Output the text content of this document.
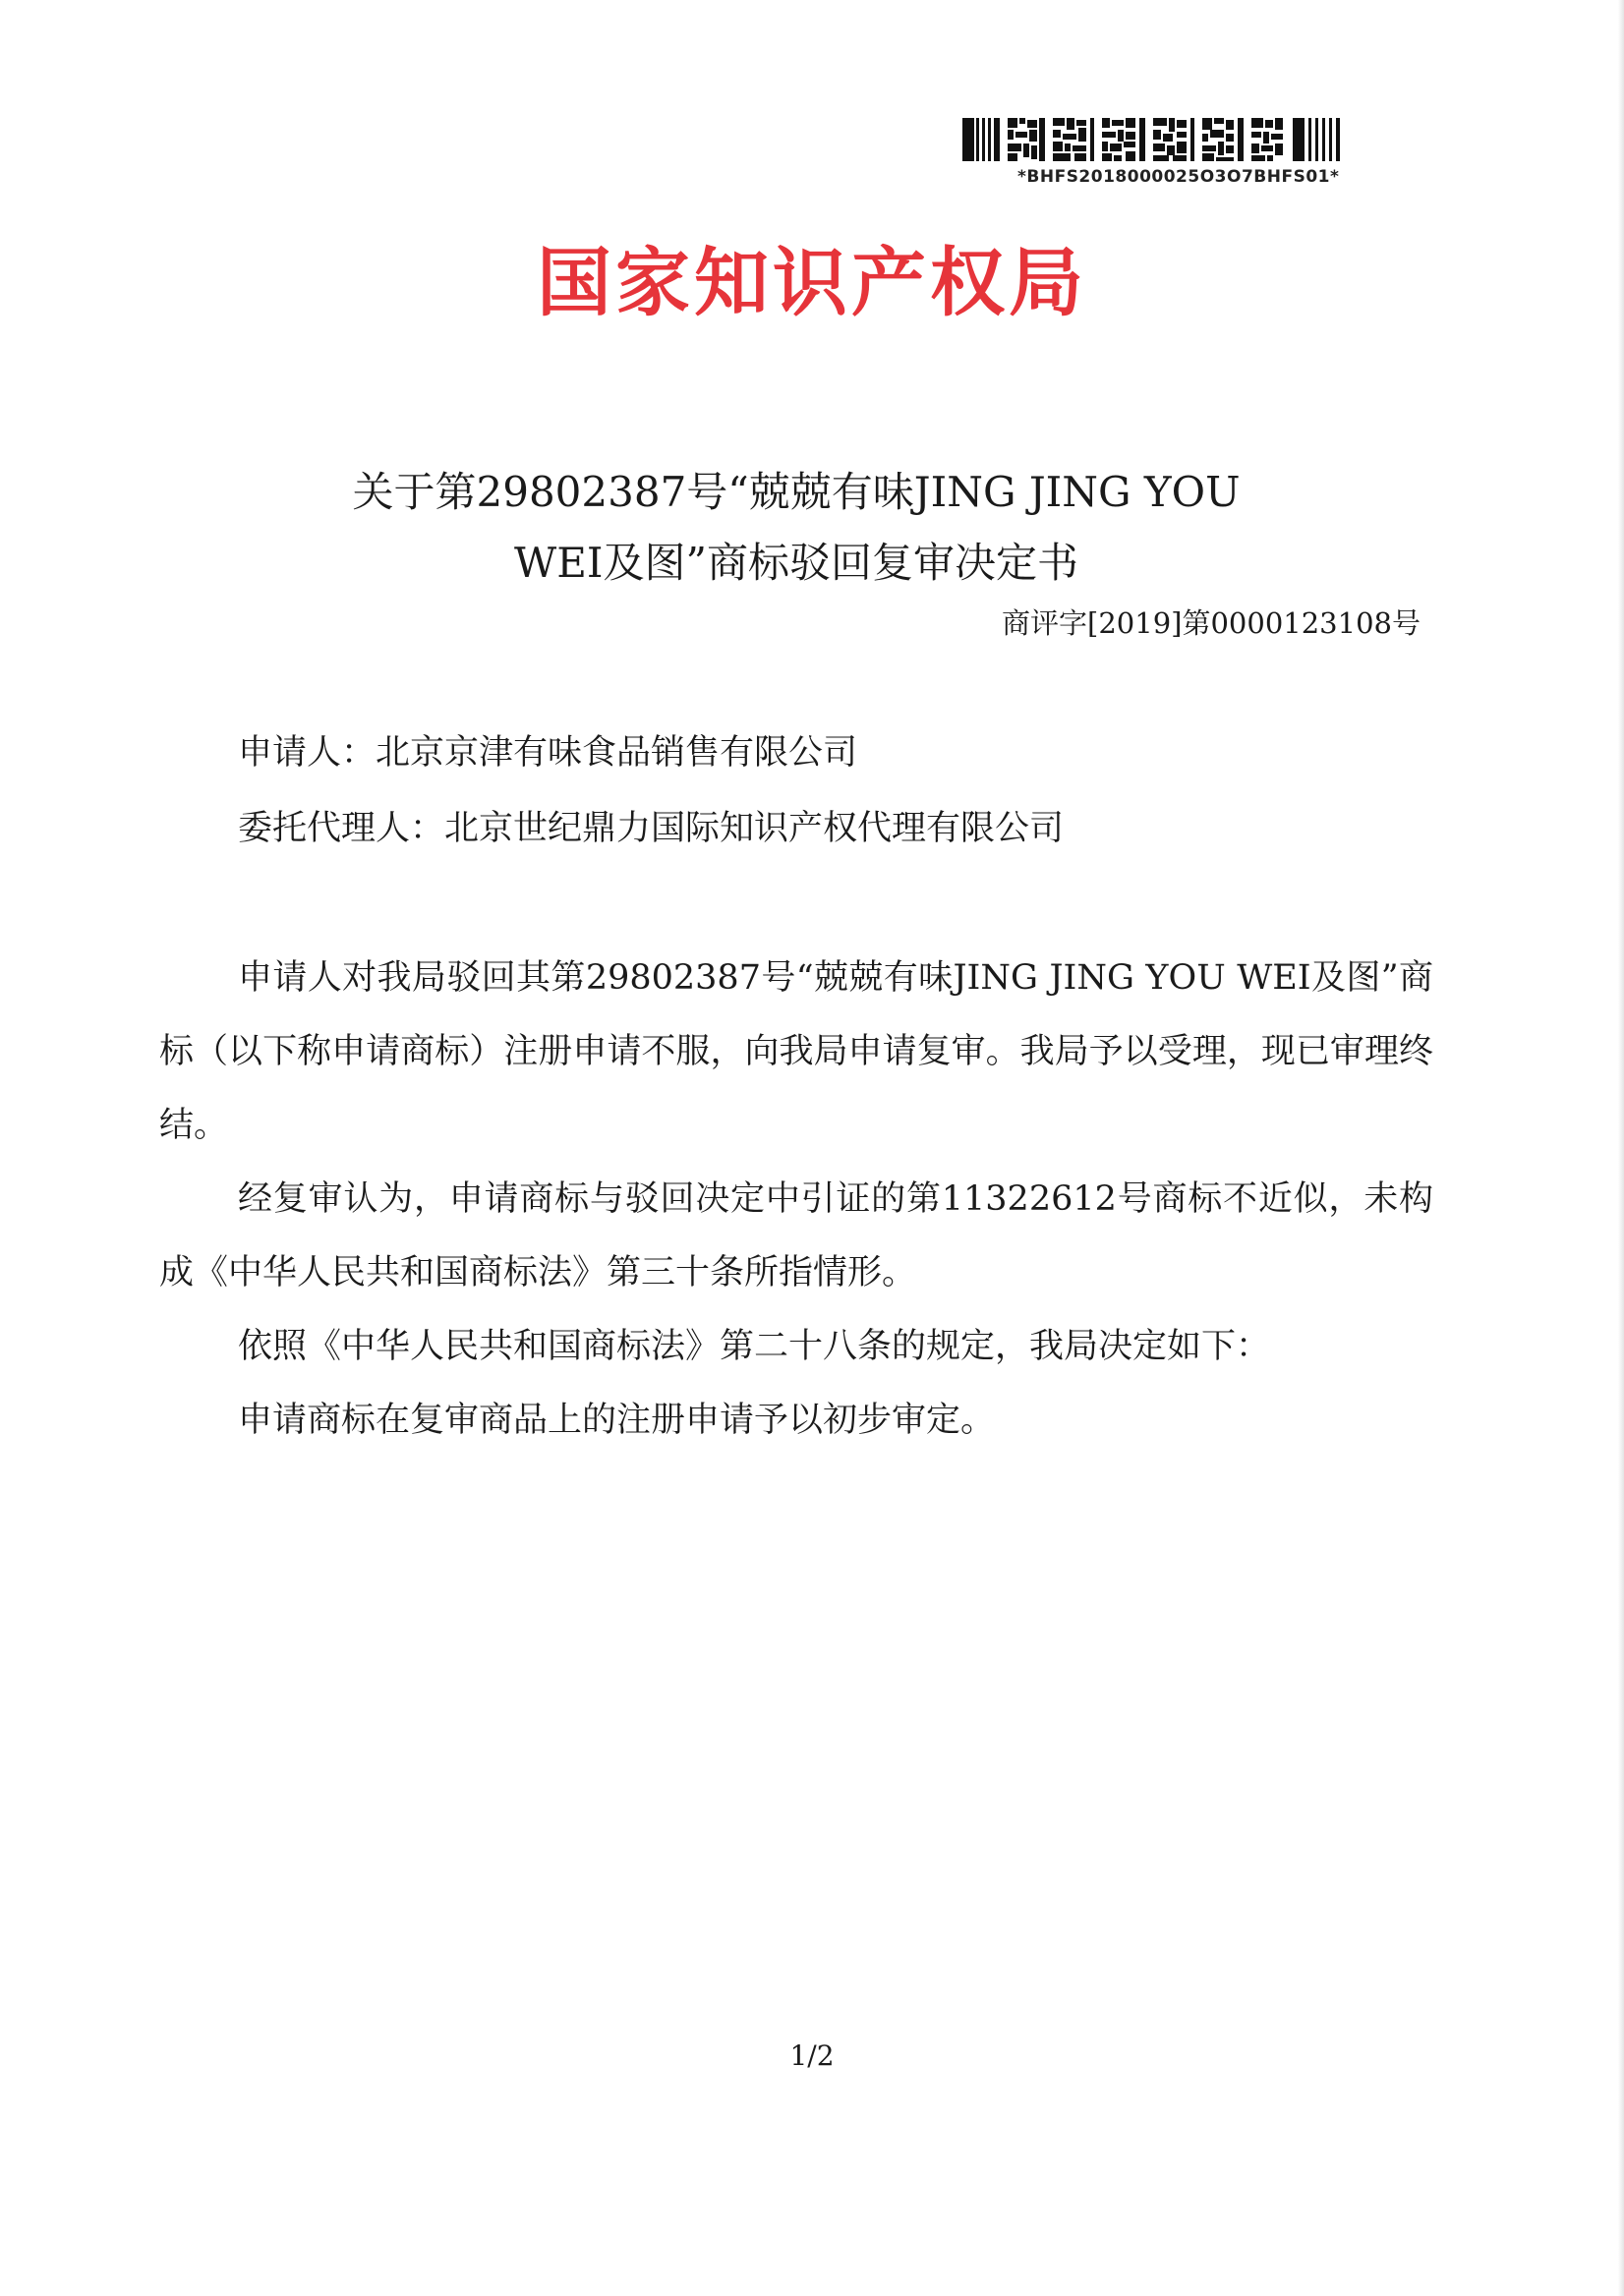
*BHFS2018000025O3O7BHFS01*
国家知识产权局
关于第29802387号“兢兢有味JING JING YOU
WEI及图”商标驳回复审决定书
商评字[2019]第0000123108号
申请人：北京京津有味食品销售有限公司
委托代理人：北京世纪鼎力国际知识产权代理有限公司

申请人对我局驳回其第29802387号“兢兢有味JING JING YOU WEI及图”商标（以下称申请商标）注册申请不服，向我局申请复审。我局予以受理，现已审理终结。

经复审认为，申请商标与驳回决定中引证的第11322612号商标不近似，未构成《中华人民共和国商标法》第三十条所指情形。

依照《中华人民共和国商标法》第二十八条的规定，我局决定如下：

申请商标在复审商品上的注册申请予以初步审定。

1/2
